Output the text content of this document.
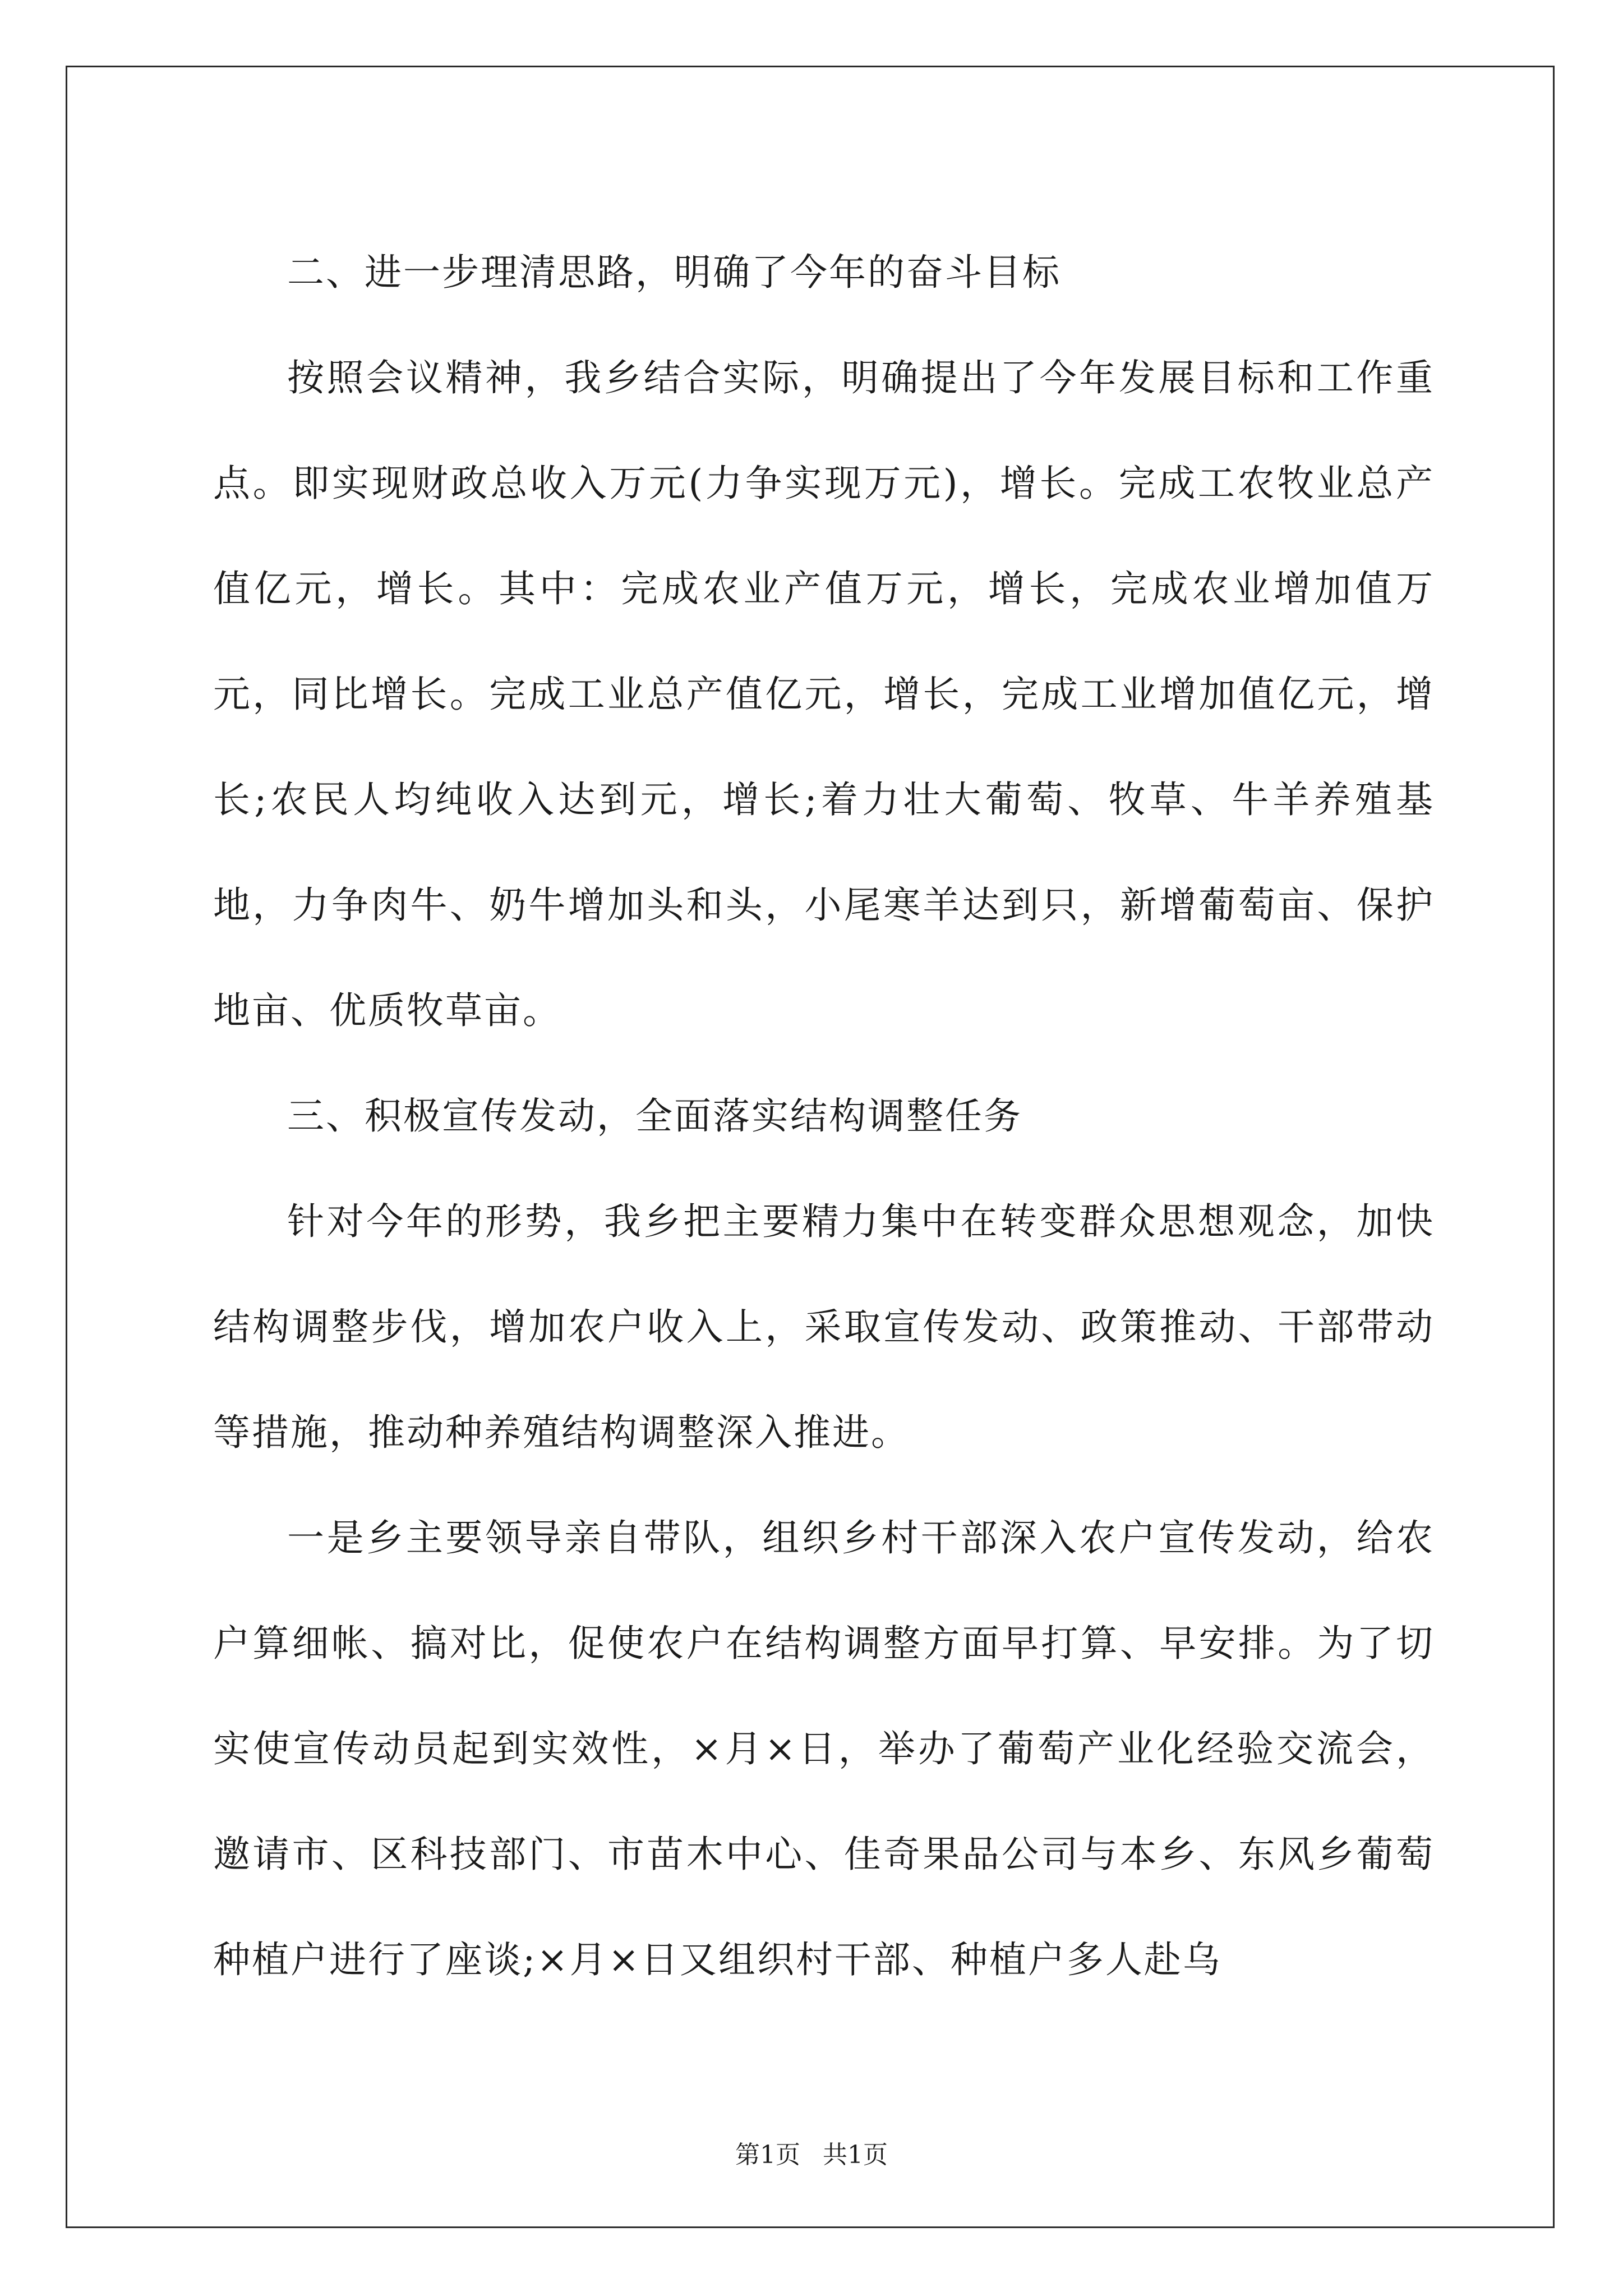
二、进一步理清思路，明确了今年的奋斗目标

按照会议精神，我乡结合实际，明确提出了今年发展目标和工作重点。即实现财政总收入万元(力争实现万元)，增长。完成工农牧业总产值亿元，增长。其中：完成农业产值万元，增长，完成农业增加值万元，同比增长。完成工业总产值亿元，增长，完成工业增加值亿元，增长;农民人均纯收入达到元，增长;着力壮大葡萄、牧草、牛羊养殖基地，力争肉牛、奶牛增加头和头，小尾寒羊达到只，新增葡萄亩、保护地亩、优质牧草亩。

三、积极宣传发动，全面落实结构调整任务

针对今年的形势，我乡把主要精力集中在转变群众思想观念，加快结构调整步伐，增加农户收入上，采取宣传发动、政策推动、干部带动等措施，推动种养殖结构调整深入推进。

一是乡主要领导亲自带队，组织乡村干部深入农户宣传发动，给农户算细帐、搞对比，促使农户在结构调整方面早打算、早安排。为了切实使宣传动员起到实效性，×月×日，举办了葡萄产业化经验交流会，邀请市、区科技部门、市苗木中心、佳奇果品公司与本乡、东风乡葡萄种植户进行了座谈;×月×日又组织村干部、种植户多人赴乌

第1页 共1页
